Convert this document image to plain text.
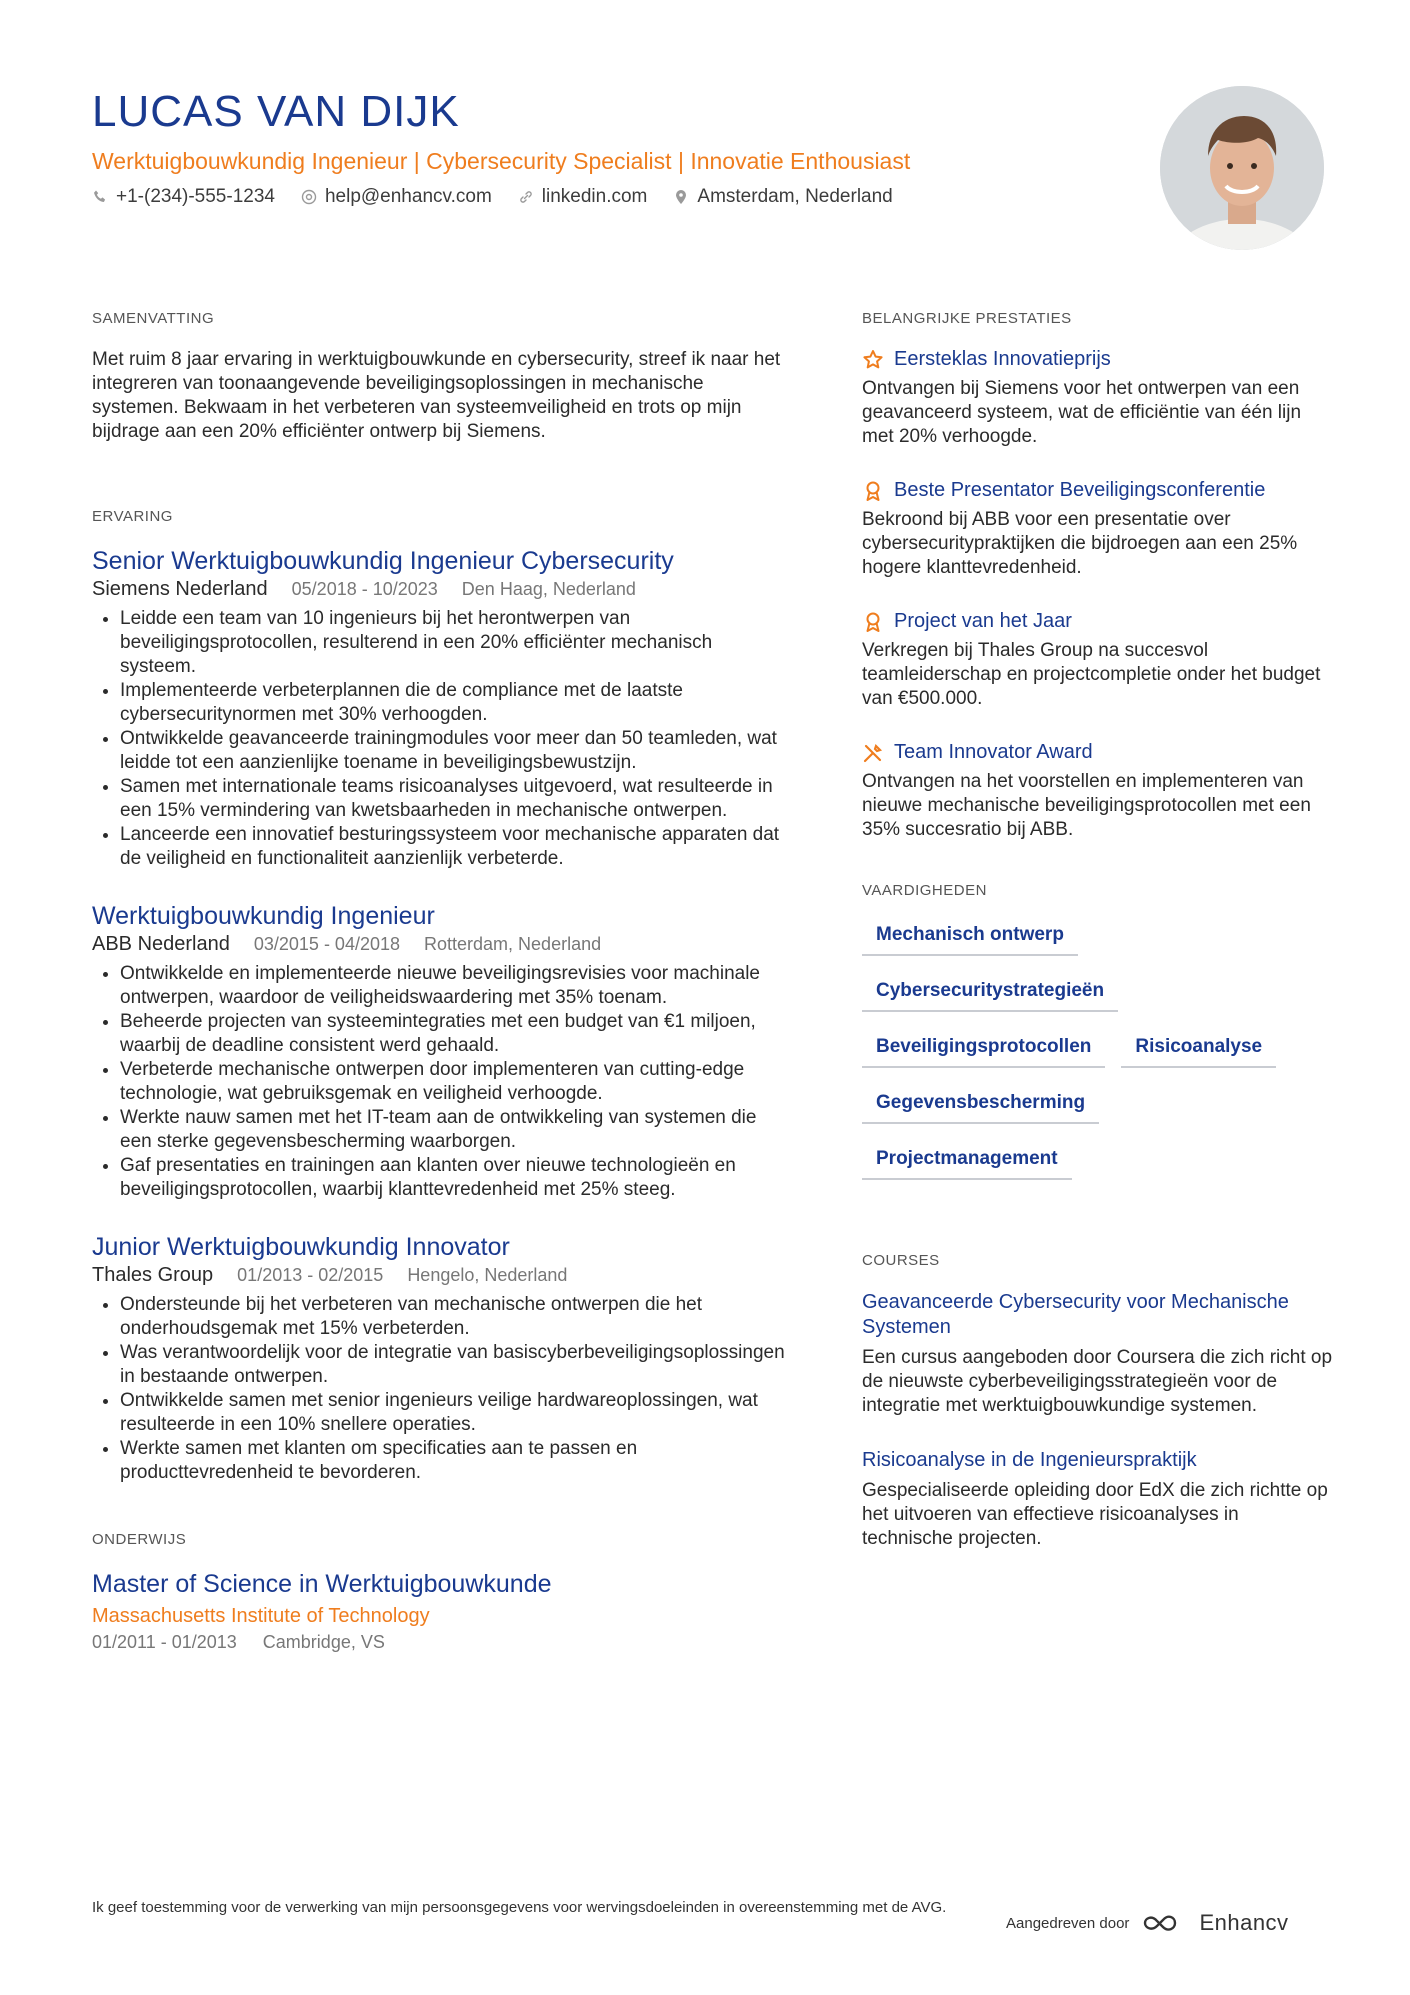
LUCAS VAN DIJK
Werktuigbouwkundig Ingenieur | Cybersecurity Specialist | Innovatie Enthousiast
+1-(234)-555-1234	help@enhancv.com	linkedin.com	Amsterdam, Nederland
SAMENVATTING

Met ruim 8 jaar ervaring in werktuigbouwkunde en cybersecurity, streef ik naar het integreren van toonaangevende beveiligingsoplossingen in mechanische systemen. Bekwaam in het verbeteren van systeemveiligheid en trots op mijn bijdrage aan een 20% efficiënter ontwerp bij Siemens.

ERVARING
Senior Werktuigbouwkundig Ingenieur Cybersecurity
Siemens Nederland 05/2018 - 10/2023 Den Haag, Nederland
• Leidde een team van 10 ingenieurs bij het herontwerpen van beveiligingsprotocollen, resulterend in een 20% efficiënter mechanisch systeem.
• Implementeerde verbeterplannen die de compliance met de laatste cybersecuritynormen met 30% verhoogden.
• Ontwikkelde geavanceerde trainingmodules voor meer dan 50 teamleden, wat leidde tot een aanzienlijke toename in beveiligingsbewustzijn.
• Samen met internationale teams risicoanalyses uitgevoerd, wat resulteerde in een 15% vermindering van kwetsbaarheden in mechanische ontwerpen.
• Lanceerde een innovatief besturingssysteem voor mechanische apparaten dat de veiligheid en functionaliteit aanzienlijk verbeterde.
Werktuigbouwkundig Ingenieur
ABB Nederland 03/2015 - 04/2018 Rotterdam, Nederland
• Ontwikkelde en implementeerde nieuwe beveiligingsrevisies voor machinale ontwerpen, waardoor de veiligheidswaardering met 35% toenam.
• Beheerde projecten van systeemintegraties met een budget van €1 miljoen, waarbij de deadline consistent werd gehaald.
• Verbeterde mechanische ontwerpen door implementeren van cutting-edge technologie, wat gebruiksgemak en veiligheid verhoogde.
• Werkte nauw samen met het IT-team aan de ontwikkeling van systemen die een sterke gegevensbescherming waarborgen.
• Gaf presentaties en trainingen aan klanten over nieuwe technologieën en beveiligingsprotocollen, waarbij klanttevredenheid met 25% steeg.
Junior Werktuigbouwkundig Innovator
Thales Group 01/2013 - 02/2015 Hengelo, Nederland
• Ondersteunde bij het verbeteren van mechanische ontwerpen die het onderhoudsgemak met 15% verbeterden.
• Was verantwoordelijk voor de integratie van basiscyberbeveiligingsoplossingen in bestaande ontwerpen.
• Ontwikkelde samen met senior ingenieurs veilige hardwareoplossingen, wat resulteerde in een 10% snellere operaties.
• Werkte samen met klanten om specificaties aan te passen en producttevredenheid te bevorderen.
ONDERWIJS
Master of Science in Werktuigbouwkunde
Massachusetts Institute of Technology
01/2011 - 01/2013 Cambridge, VS
BELANGRIJKE PRESTATIES
Eersteklas Innovatieprijs
Ontvangen bij Siemens voor het ontwerpen van een geavanceerd systeem, wat de efficiëntie van één lijn met 20% verhoogde.
Beste Presentator Beveiligingsconferentie
Bekroond bij ABB voor een presentatie over cybersecuritypraktijken die bijdroegen aan een 25% hogere klanttevredenheid.
Project van het Jaar
Verkregen bij Thales Group na succesvol teamleiderschap en projectcompletie onder het budget van €500.000.
Team Innovator Award
Ontvangen na het voorstellen en implementeren van nieuwe mechanische beveiligingsprotocollen met een 35% succesratio bij ABB.
VAARDIGHEDEN
Mechanisch ontwerp
Cybersecuritystrategieën
Beveiligingsprotocollen	Risicoanalyse
Gegevensbescherming
Projectmanagement
COURSES
Geavanceerde Cybersecurity voor Mechanische Systemen
Een cursus aangeboden door Coursera die zich richt op de nieuwste cyberbeveiligingsstrategieën voor de integratie met werktuigbouwkundige systemen.
Risicoanalyse in de Ingenieurspraktijk
Gespecialiseerde opleiding door EdX die zich richtte op het uitvoeren van effectieve risicoanalyses in technische projecten.
Ik geef toestemming voor de verwerking van mijn persoonsgegevens voor wervingsdoeleinden in overeenstemming met de AVG.
Aangedreven door	Enhancv
